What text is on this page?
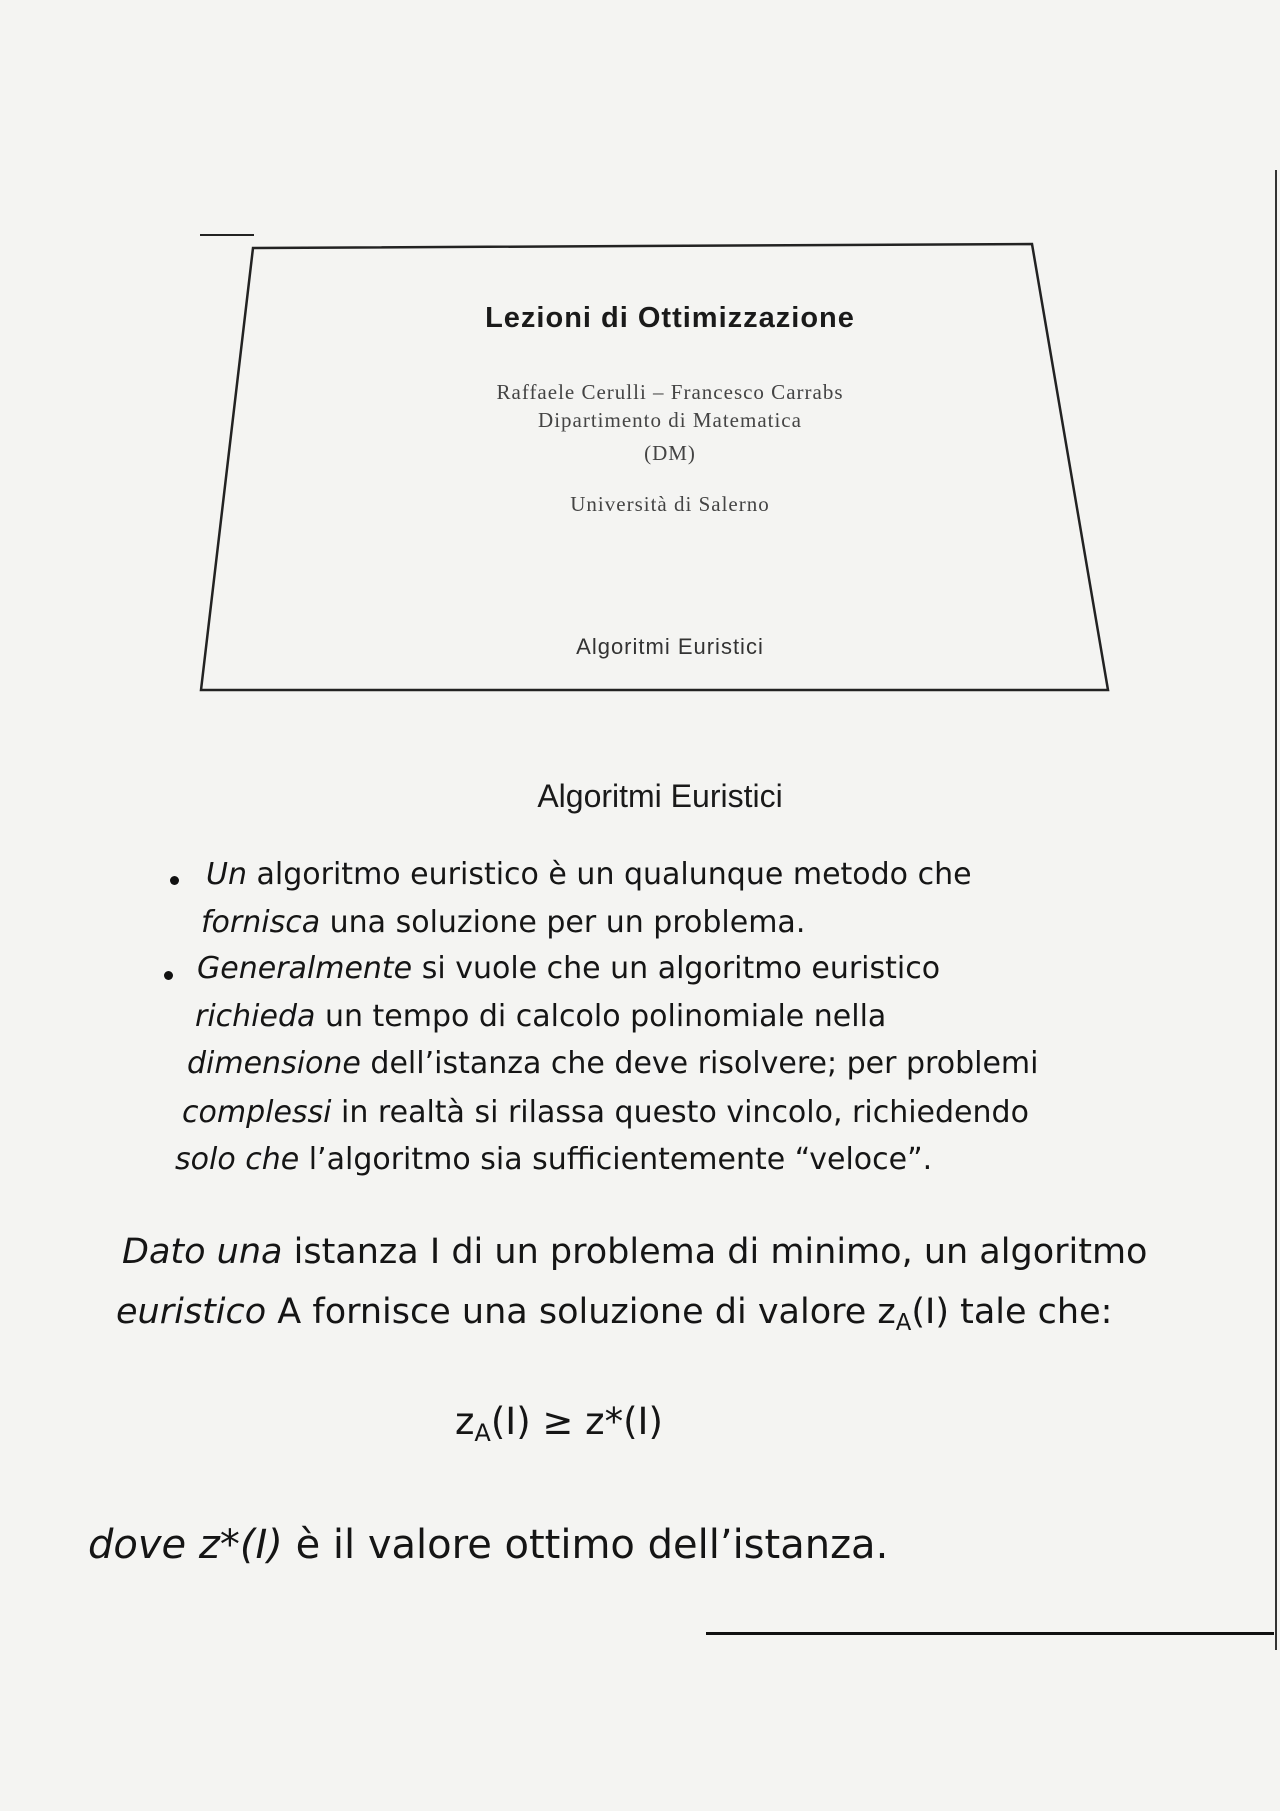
Lezioni di Ottimizzazione
Raffaele Cerulli – Francesco Carrabs
Dipartimento di Matematica
(DM)
Università di Salerno
Algoritmi Euristici
Algoritmi Euristici
Un algoritmo euristico è un qualunque metodo che
fornisca una soluzione per un problema.
Generalmente si vuole che un algoritmo euristico
richieda un tempo di calcolo polinomiale nella
dimensione dell’istanza che deve risolvere; per problemi
complessi in realtà si rilassa questo vincolo, richiedendo
solo che l’algoritmo sia sufficientemente “veloce”.
Dato una istanza I di un problema di minimo, un algoritmo
euristico A fornisce una soluzione di valore $z_A(I)$ tale che:
$z_A(I) \ge z*(I)$
dove z*(I) è il valore ottimo dell’istanza.
